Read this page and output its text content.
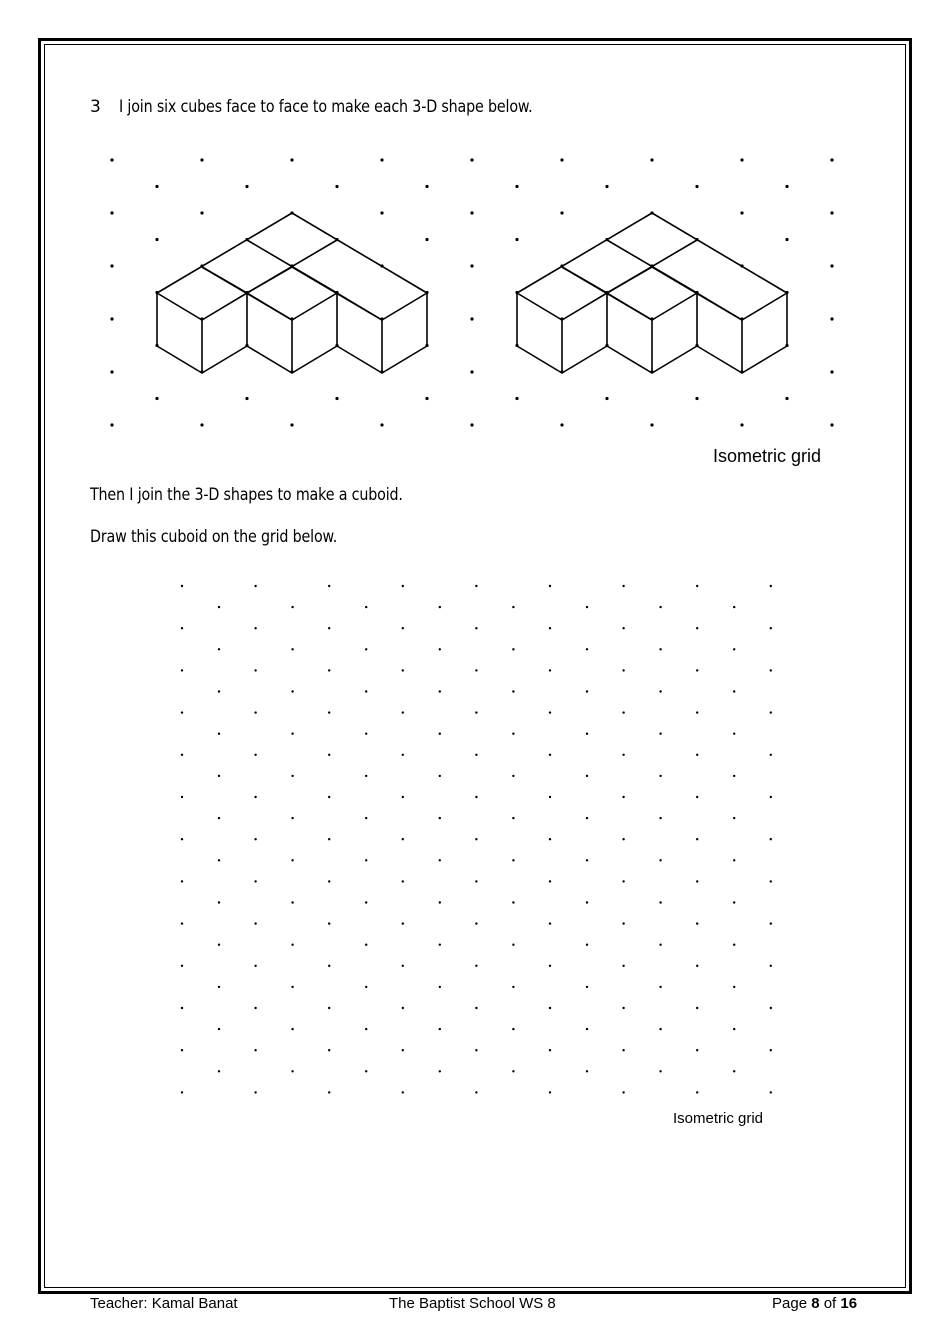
3 I join six cubes face to face to make each 3-D shape below.
Isometric grid
Then I join the 3-D shapes to make a cuboid.
Draw this cuboid on the grid below.
Isometric grid
Teacher: Kamal Banat	The Baptist School WS 8	Page 8 of 16
